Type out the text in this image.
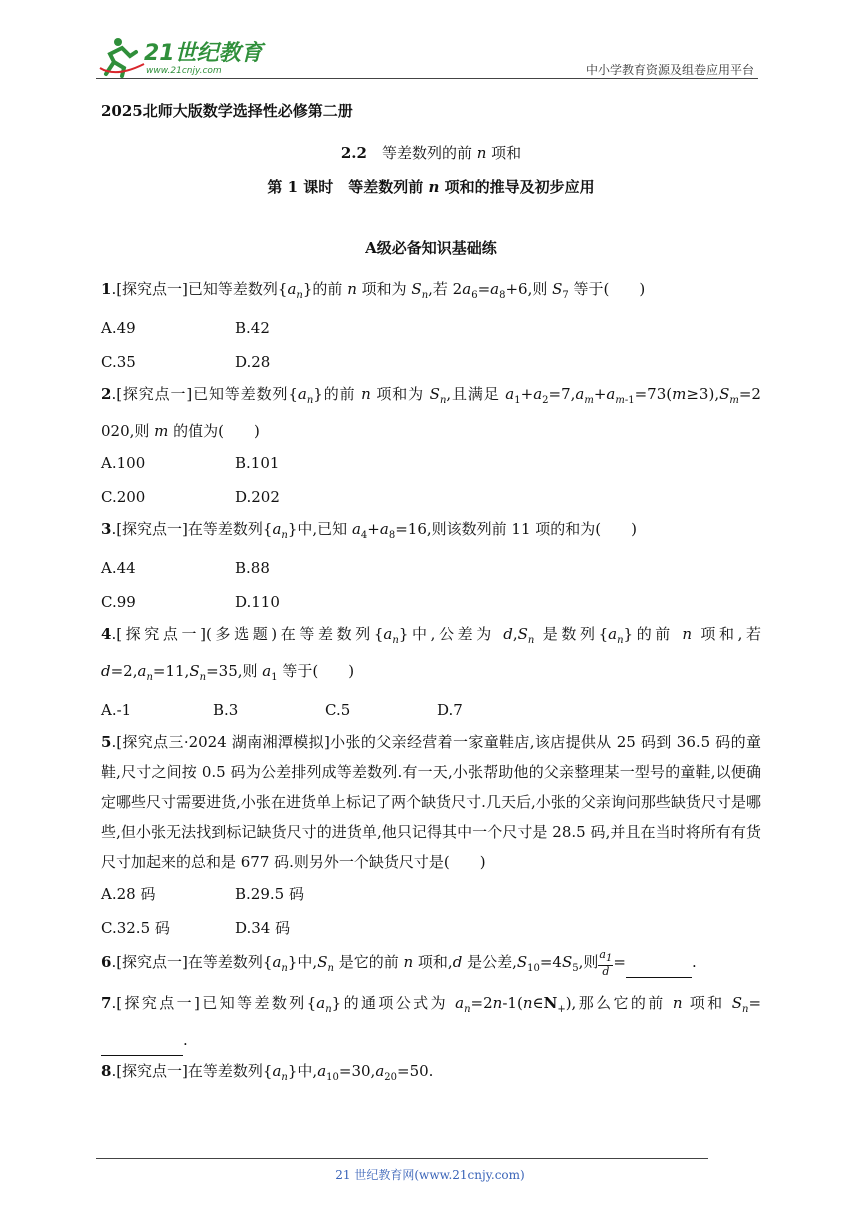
21世纪教育
www.21cnjy.com	中小学教育资源及组卷应用平台
2025北师大版数学选择性必修第二册
2.2　等差数列的前 n 项和
第 1 课时　等差数列前 n 项和的推导及初步应用
A级必备知识基础练
1.[探究点一]已知等差数列$\{a_n\}$的前 n 项和为 $S_n$,若 $2a_6=a_8+6$,则 $S_7$ 等于(　　)
A.49	B.42
C.35	D.28
2.[探究点一]已知等差数列$\{a_n\}$的前 n 项和为 $S_n$,且满足 $a_1+a_2=7,a_m+a_{m-1}=73(m\ge 3),S_m=2$ 020,则 m 的值为(　　)
A.100	B.101
C.200	D.202
3.[探究点一]在等差数列$\{a_n\}$中,已知 $a_4+a_8=16$,则该数列前 11 项的和为(　　)
A.44	B.88
C.99	D.110
4.[探究点一](多选题)在等差数列$\{a_n\}$中,公差为 $d,S_n$ 是数列$\{a_n\}$的前 n 项和,若 $d=2,a_n=11,S_n=35$,则 $a_1$ 等于(　　)
A.-1	B.3	C.5	D.7
5.[探究点三·2024 湖南湘潭模拟]小张的父亲经营着一家童鞋店,该店提供从 25 码到 36.5 码的童鞋,尺寸之间按 0.5 码为公差排列成等差数列.有一天,小张帮助他的父亲整理某一型号的童鞋,以便确定哪些尺寸需要进货,小张在进货单上标记了两个缺货尺寸.几天后,小张的父亲询问那些缺货尺寸是哪些,但小张无法找到标记缺货尺寸的进货单,他只记得其中一个尺寸是 28.5 码,并且在当时将所有有货尺寸加起来的总和是 677 码.则另外一个缺货尺寸是(　　)
A.28 码	B.29.5 码
C.32.5 码	D.34 码
6.[探究点一]在等差数列$\{a_n\}$中$,S_n$ 是它的前 n 项和,d 是公差$,S_{10}=4S_5$,则 $\frac{a_1}{d}$ =	.
7.[探究点一]已知等差数列$\{a_n\}$的通项公式为 $a_n=2n-1(n\in N_+)$,那么它的前 n 项和 $S_n=$ .
8.[探究点一]在等差数列$\{a_n\}$中$,a_{10}=30,a_{20}=50$.
21 世纪教育网(www.21cnjy.com)
